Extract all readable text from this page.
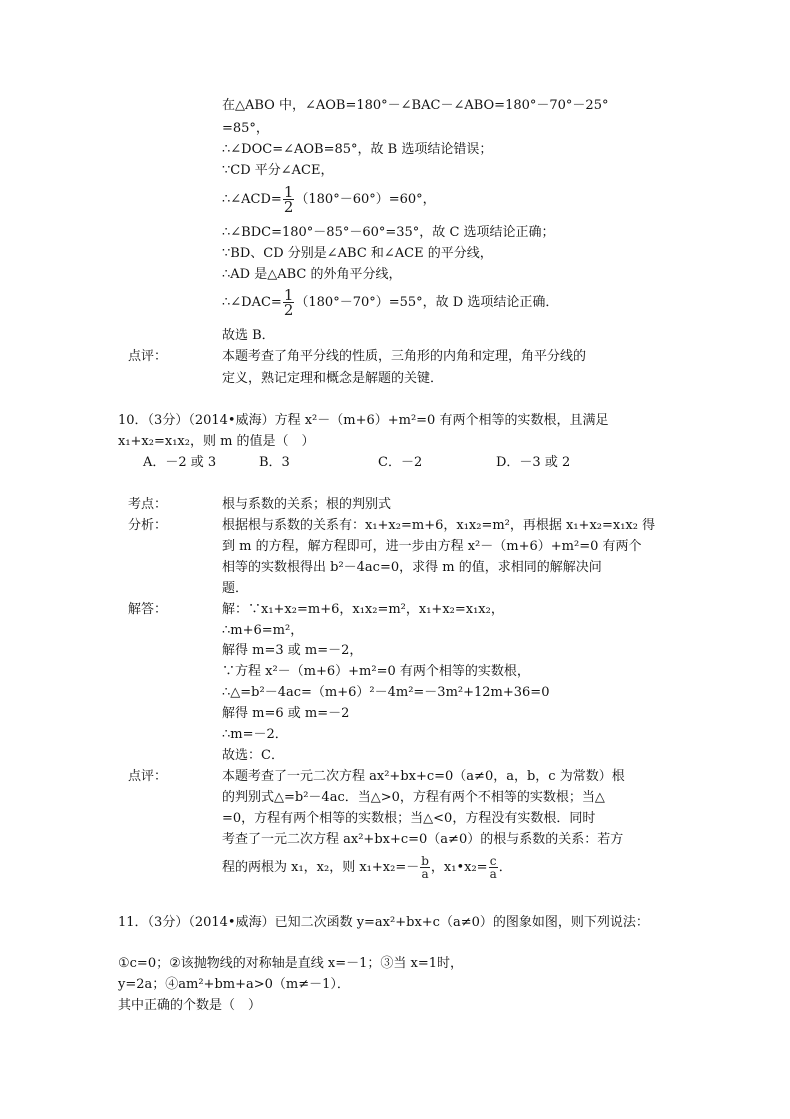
在△ABO 中，∠AOB=180°－∠BAC－∠ABO=180°－70°－25°
=85°，
∴∠DOC=∠AOB=85°，故 B 选项结论错误；
∵CD 平分∠ACE，
∴∠ACD= $\frac{1}{2} (180^\circ-60^\circ)=60^\circ$，
∴∠BDC=180°－85°－60°=35°，故 C 选项结论正确；
∵BD、CD 分别是∠ABC 和∠ACE 的平分线，
∴AD 是△ABC 的外角平分线，
∴∠DAC= $\frac{1}{2} (180^\circ-70^\circ)=55^\circ$，故 D 选项结论正确．
故选 B．
点评：	本题考查了角平分线的性质，三角形的内角和定理，角平分线的
定义，熟记定理和概念是解题的关键．
10．（3分）（2014•威海）方程 x²－（m+6）+m²=0 有两个相等的实数根，且满足
x₁+x₂=x₁x₂，则 m 的值是（　）
A．－2 或 3	B．3	C．－2	D．－3 或 2
考点：	根与系数的关系；根的判别式
分析：	根据根与系数的关系有：x₁+x₂=m+6，x₁x₂=m²，再根据 x₁+x₂=x₁x₂ 得
到 m 的方程，解方程即可，进一步由方程 x²－（m+6）+m²=0 有两个
相等的实数根得出 b²－4ac=0，求得 m 的值，求相同的解解决问
题．
解答：	解：∵x₁+x₂=m+6，x₁x₂=m²，x₁+x₂=x₁x₂，
∴m+6=m²，
解得 m=3 或 m=－2，
∵方程 x²－（m+6）+m²=0 有两个相等的实数根，
∴△=b²－4ac=（m+6）²－4m²=－3m²+12m+36=0
解得 m=6 或 m=－2
∴m=－2．
故选：C．
点评：	本题考查了一元二次方程 ax²+bx+c=0（a≠0，a，b，c 为常数）根
的判别式△=b²－4ac．当△>0，方程有两个不相等的实数根；当△
=0，方程有两个相等的实数根；当△<0，方程没有实数根．同时
考查了一元二次方程 ax²+bx+c=0（a≠0）的根与系数的关系：若方
程的两根为 x₁，x₂，则 $x_1+x_2=- \frac{b}{a}$ ，x₁•x₂= $\frac{c}{a}$ ．
11．（3分）（2014•威海）已知二次函数 y=ax²+bx+c（a≠0）的图象如图，则下列说法：
①c=0；②该抛物线的对称轴是直线 x=－1；③当 x=1时，
y=2a；④am²+bm+a>0（m≠－1）．
其中正确的个数是（　）
